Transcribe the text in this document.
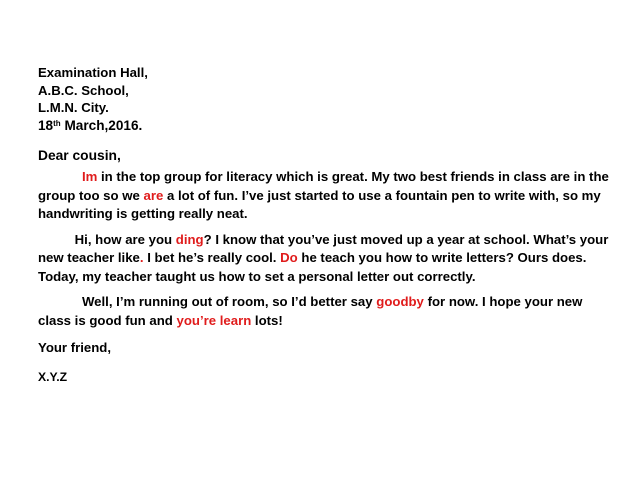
Examination Hall,

A.B.C. School,

L.M.N. City.

18th March,2016.

Dear cousin,

Im in the top group for literacy which is great. My two best friends in class are in the group too so we are a lot of fun. I’ve just started to use a fountain pen to write with, so my handwriting is getting really neat.

Hi, how are you ding? I know that you’ve just moved up a year at school. What’s your new teacher like. I bet he’s really cool. Do he teach you how to write letters? Ours does. Today, my teacher taught us how to set a personal letter out correctly.

Well, I’m running out of room, so I’d better say goodby for now. I hope your new class is good fun and you’re learn lots!

Your friend,
X.Y.Z
